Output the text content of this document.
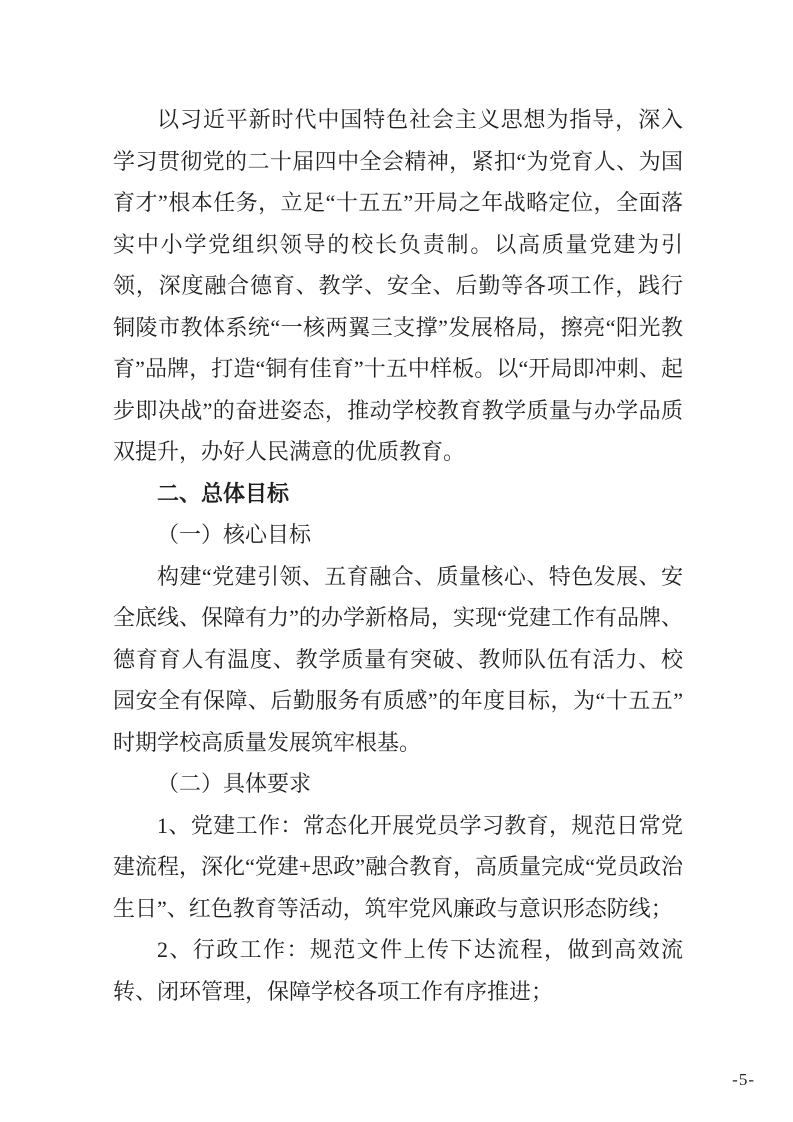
以习近平新时代中国特色社会主义思想为指导，深入学习贯彻党的二十届四中全会精神，紧扣“为党育人、为国育才”根本任务，立足“十五五”开局之年战略定位，全面落实中小学党组织领导的校长负责制。以高质量党建为引领，深度融合德育、教学、安全、后勤等各项工作，践行铜陵市教体系统“一核两翼三支撑”发展格局，擦亮“阳光教育”品牌，打造“铜有佳育”十五中样板。以“开局即冲刺、起步即决战”的奋进姿态，推动学校教育教学质量与办学品质双提升，办好人民满意的优质教育。

二、总体目标

（一）核心目标

构建“党建引领、五育融合、质量核心、特色发展、安全底线、保障有力”的办学新格局，实现“党建工作有品牌、德育育人有温度、教学质量有突破、教师队伍有活力、校园安全有保障、后勤服务有质感”的年度目标，为“十五五”时期学校高质量发展筑牢根基。

（二）具体要求

1、党建工作：常态化开展党员学习教育，规范日常党建流程，深化“党建+思政”融合教育，高质量完成“党员政治生日”、红色教育等活动，筑牢党风廉政与意识形态防线；

2、行政工作：规范文件上传下达流程，做到高效流转、闭环管理，保障学校各项工作有序推进；

-5-
